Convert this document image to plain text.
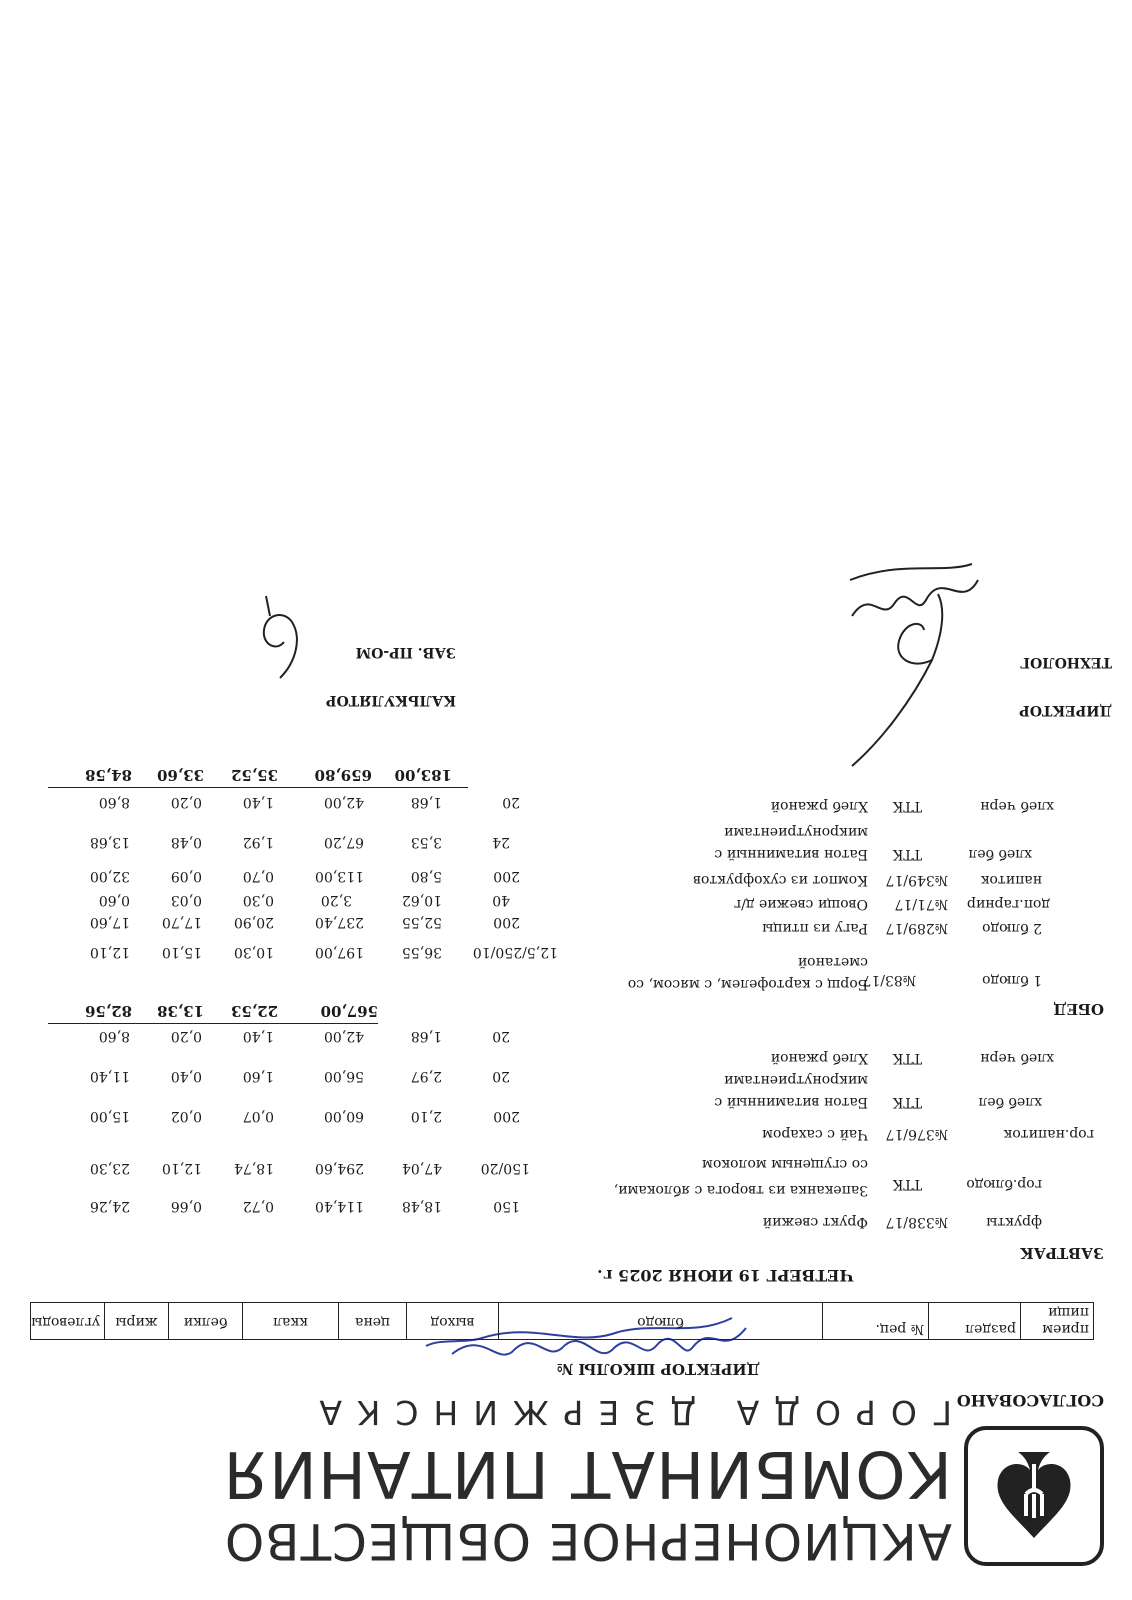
АКЦИОНЕРНОЕ ОБЩЕСТВО
КОМБИНАТ ПИТАНИЯ
ГОРОДА ДЗЕРЖИНСКА СОГЛАСОВАНО
ДИРЕКТОР ШКОЛЫ №
прием пищи
раздел
№ рец.
блюдо
выход
цена
ккал
белки
жиры
углеводы
ЧЕТВЕРГ 19 ИЮНЯ 2025 г.
ЗАВТРАК
фрукты
№338/17
Фрукт свежий
150
18,48
114,40
0,72
0,66
24,26
гор.блюдо
ТТК
Запеканка из творога с яблоками,
со сгущеным молоком
150/20
47,04
294,60
18,74
12,10
23,30
гор.напиток
№376/17
Чай с сахаром
200
2,10
60,00
0,07
0,02
15,00
хлеб бел
ТТК
Батон витаминный с
микронутриентами
20
2,97
56,00
1,60
0,40
11,40
хлеб черн
ТТК
Хлеб ржаной
20
1,68
42,00
1,40
0,20
8,60
567,00
22,53
13,38
82,56	ОБЕД
1 блюдо
№83/17
Борщ с картофелем, с мясом, со
сметаной
12,5/250/10
36,55
197,00
10,30
15,10
12,10
2 блюдо
№289/17
Рагу из птицы
200
52,55
237,40
20,90
17,70
17,60
доп.гарнир
№71/17
Овощи свежие д/г
40
10,62
3,20
0,30
0,03
0,60
напиток
№349/17
Компот из сухофруктов
200
5,80
113,00
0,70
0,09
32,00
хлеб бел
ТТК
Батон витаминный с
микронутриентами
24
3,53
67,20
1,92
0,48
13,68
хлеб черн
ТТК
Хлеб ржаной
20
1,68
42,00
1,40
0,20
8,60
183,00
659,80
35,52
33,60
84,58
ДИРЕКТОР
ТЕХНОЛОГ
КАЛЬКУЛЯТОР
ЗАВ. ПР-ОМ
